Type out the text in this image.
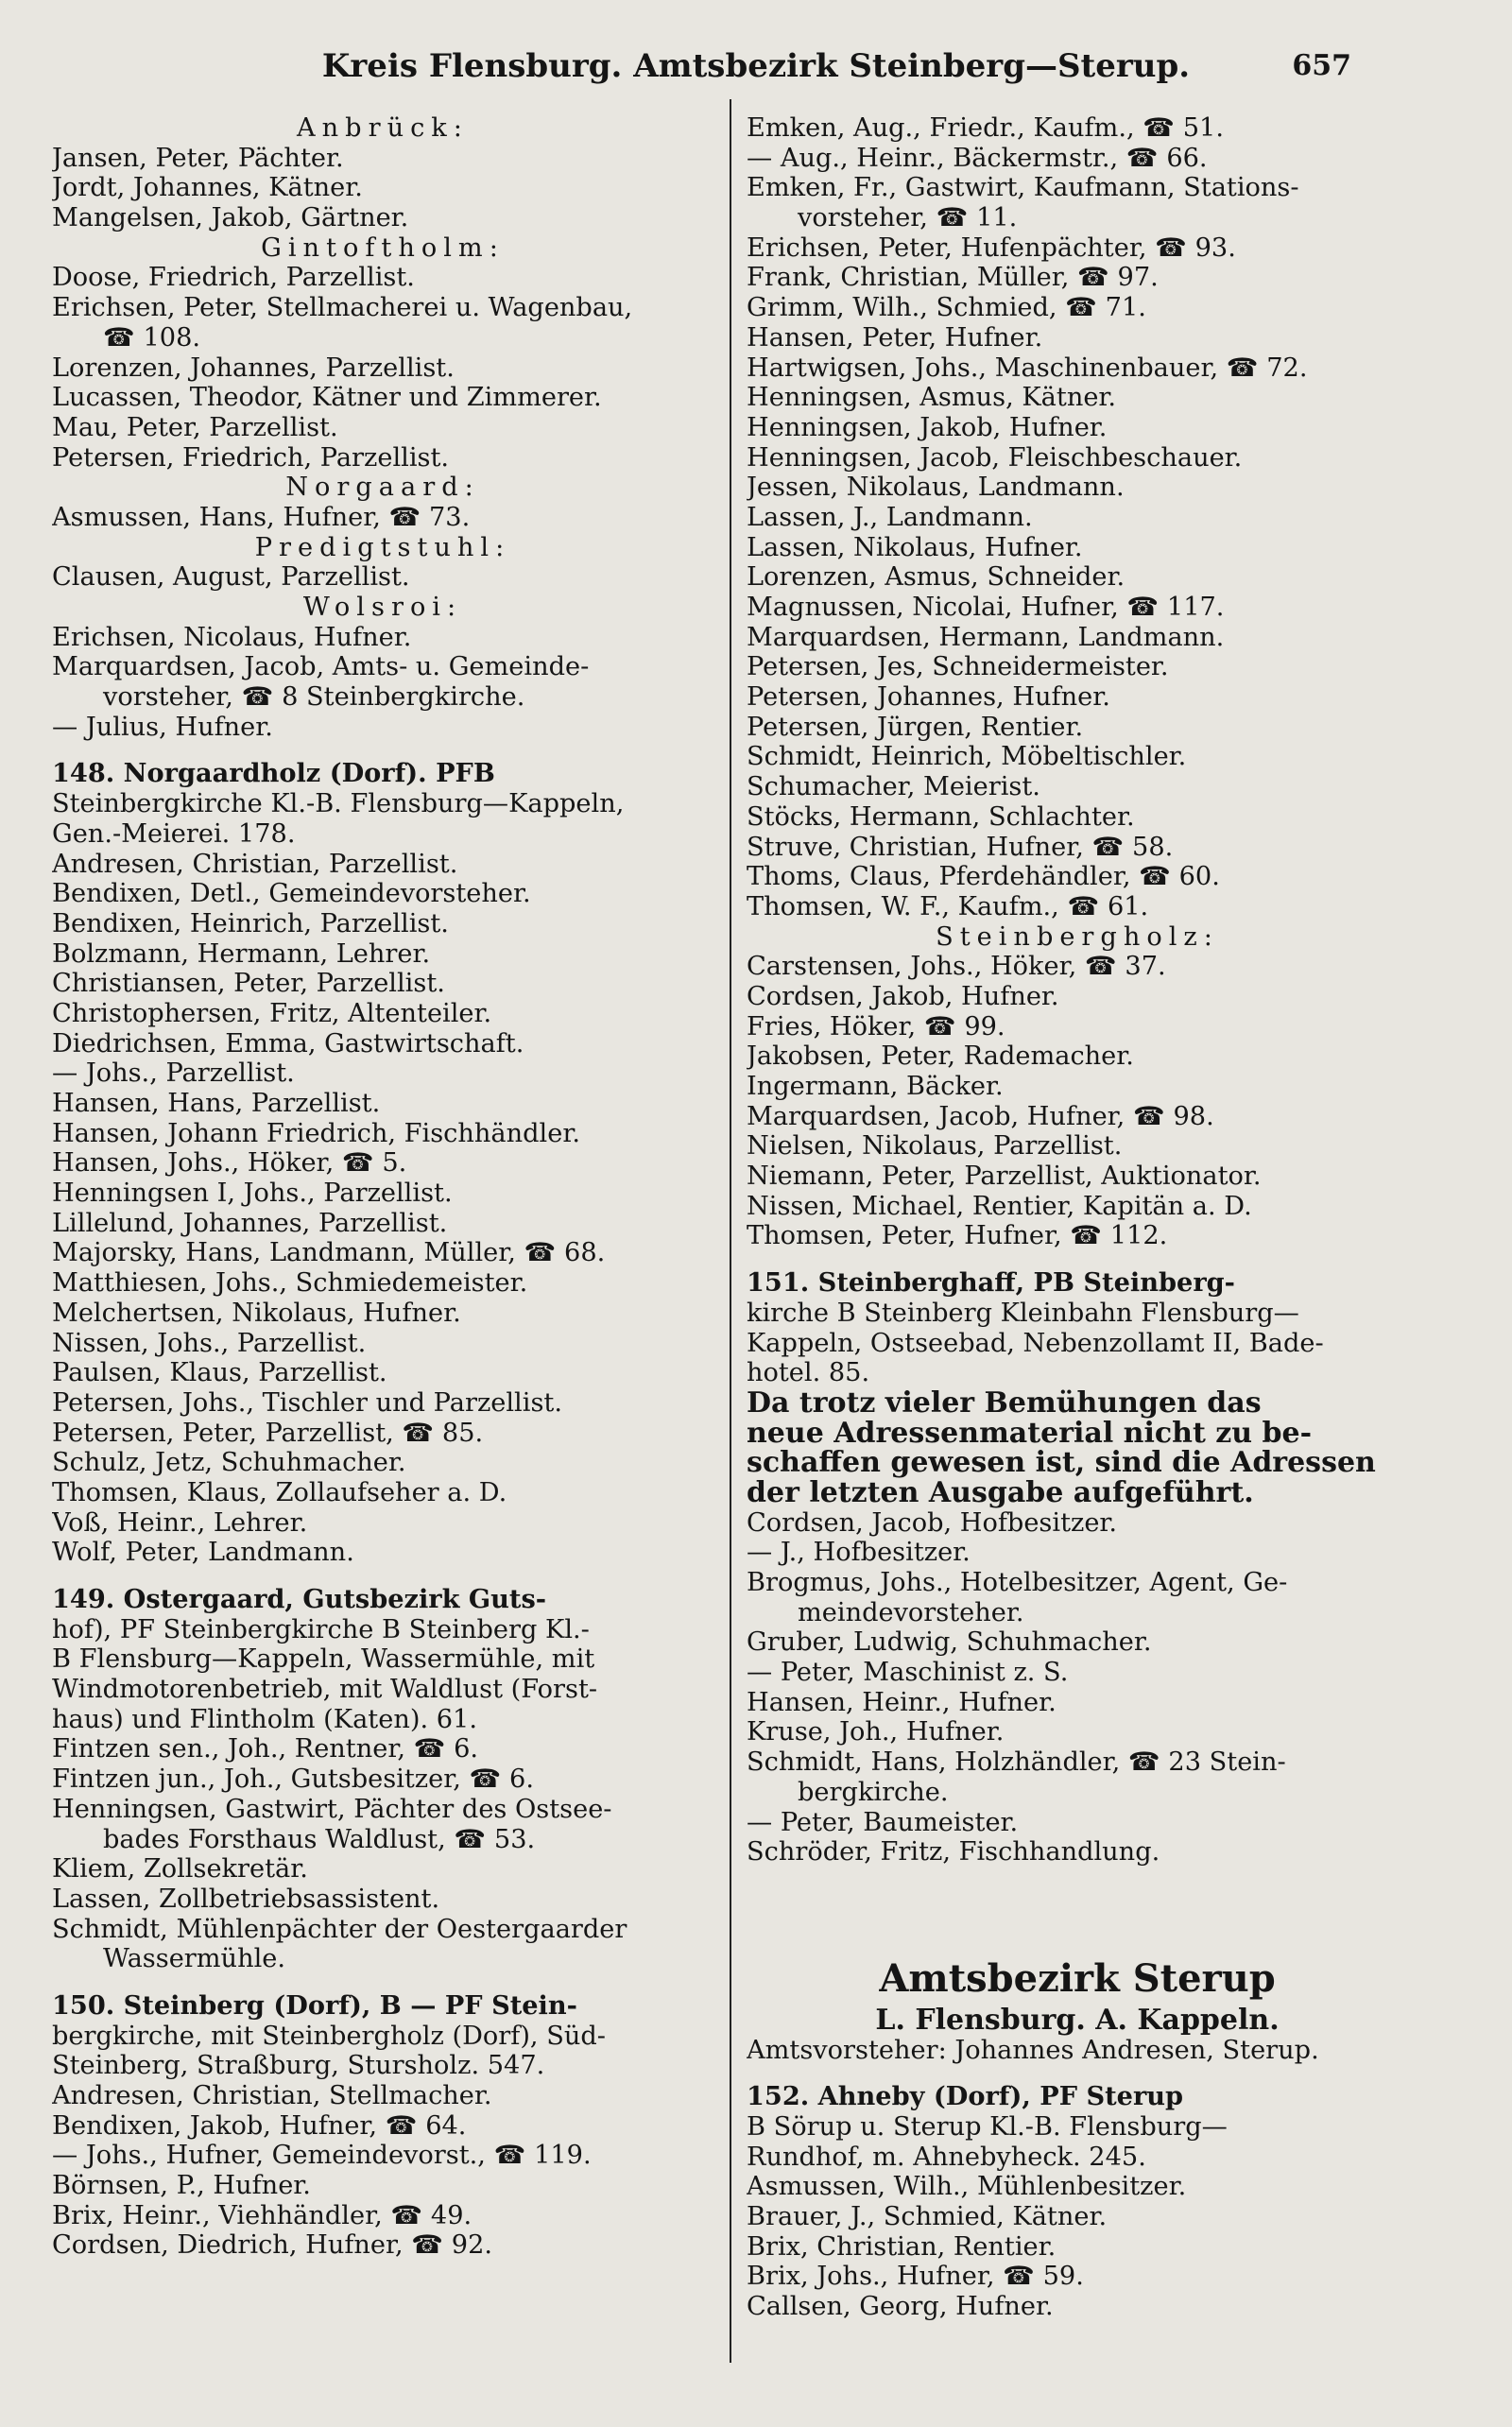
Kreis Flensburg. Amtsbezirk Steinberg—Sterup.	657
Anbrück:
Jansen, Peter, Pächter.
Jordt, Johannes, Kätner.
Mangelsen, Jakob, Gärtner.
Gintoftholm:
Doose, Friedrich, Parzellist.
Erichsen, Peter, Stellmacherei u. Wagenbau,
☎ 108.
Lorenzen, Johannes, Parzellist.
Lucassen, Theodor, Kätner und Zimmerer.
Mau, Peter, Parzellist.
Petersen, Friedrich, Parzellist.
Norgaard:
Asmussen, Hans, Hufner, ☎ 73.
Predigtstuhl:
Clausen, August, Parzellist.
Wolsroi:
Erichsen, Nicolaus, Hufner.
Marquardsen, Jacob, Amts- u. Gemeinde-
vorsteher, ☎ 8 Steinbergkirche.
— Julius, Hufner.
148. Norgaardholz (Dorf). PFB
Steinbergkirche Kl.-B. Flensburg—Kappeln,
Gen.-Meierei. 178.
Andresen, Christian, Parzellist.
Bendixen, Detl., Gemeindevorsteher.
Bendixen, Heinrich, Parzellist.
Bolzmann, Hermann, Lehrer.
Christiansen, Peter, Parzellist.
Christophersen, Fritz, Altenteiler.
Diedrichsen, Emma, Gastwirtschaft.
— Johs., Parzellist.
Hansen, Hans, Parzellist.
Hansen, Johann Friedrich, Fischhändler.
Hansen, Johs., Höker, ☎ 5.
Henningsen I, Johs., Parzellist.
Lillelund, Johannes, Parzellist.
Majorsky, Hans, Landmann, Müller, ☎ 68.
Matthiesen, Johs., Schmiedemeister.
Melchertsen, Nikolaus, Hufner.
Nissen, Johs., Parzellist.
Paulsen, Klaus, Parzellist.
Petersen, Johs., Tischler und Parzellist.
Petersen, Peter, Parzellist, ☎ 85.
Schulz, Jetz, Schuhmacher.
Thomsen, Klaus, Zollaufseher a. D.
Voß, Heinr., Lehrer.
Wolf, Peter, Landmann.
149. Ostergaard, Gutsbezirk Guts-
hof), PF Steinbergkirche B Steinberg Kl.-
B Flensburg—Kappeln, Wassermühle, mit
Windmotorenbetrieb, mit Waldlust (Forst-
haus) und Flintholm (Katen). 61.
Fintzen sen., Joh., Rentner, ☎ 6.
Fintzen jun., Joh., Gutsbesitzer, ☎ 6.
Henningsen, Gastwirt, Pächter des Ostsee-
bades Forsthaus Waldlust, ☎ 53.
Kliem, Zollsekretär.
Lassen, Zollbetriebsassistent.
Schmidt, Mühlenpächter der Oestergaarder
Wassermühle.
150. Steinberg (Dorf), B — PF Stein-
bergkirche, mit Steinbergholz (Dorf), Süd-
Steinberg, Straßburg, Stursholz. 547.
Andresen, Christian, Stellmacher.
Bendixen, Jakob, Hufner, ☎ 64.
— Johs., Hufner, Gemeindevorst., ☎ 119.
Börnsen, P., Hufner.
Brix, Heinr., Viehhändler, ☎ 49.
Cordsen, Diedrich, Hufner, ☎ 92.
Emken, Aug., Friedr., Kaufm., ☎ 51.
— Aug., Heinr., Bäckermstr., ☎ 66.
Emken, Fr., Gastwirt, Kaufmann, Stations-
vorsteher, ☎ 11.
Erichsen, Peter, Hufenpächter, ☎ 93.
Frank, Christian, Müller, ☎ 97.
Grimm, Wilh., Schmied, ☎ 71.
Hansen, Peter, Hufner.
Hartwigsen, Johs., Maschinenbauer, ☎ 72.
Henningsen, Asmus, Kätner.
Henningsen, Jakob, Hufner.
Henningsen, Jacob, Fleischbeschauer.
Jessen, Nikolaus, Landmann.
Lassen, J., Landmann.
Lassen, Nikolaus, Hufner.
Lorenzen, Asmus, Schneider.
Magnussen, Nicolai, Hufner, ☎ 117.
Marquardsen, Hermann, Landmann.
Petersen, Jes, Schneidermeister.
Petersen, Johannes, Hufner.
Petersen, Jürgen, Rentier.
Schmidt, Heinrich, Möbeltischler.
Schumacher, Meierist.
Stöcks, Hermann, Schlachter.
Struve, Christian, Hufner, ☎ 58.
Thoms, Claus, Pferdehändler, ☎ 60.
Thomsen, W. F., Kaufm., ☎ 61.
Steinbergholz:
Carstensen, Johs., Höker, ☎ 37.
Cordsen, Jakob, Hufner.
Fries, Höker, ☎ 99.
Jakobsen, Peter, Rademacher.
Ingermann, Bäcker.
Marquardsen, Jacob, Hufner, ☎ 98.
Nielsen, Nikolaus, Parzellist.
Niemann, Peter, Parzellist, Auktionator.
Nissen, Michael, Rentier, Kapitän a. D.
Thomsen, Peter, Hufner, ☎ 112.
151. Steinberghaff, PB Steinberg-
kirche B Steinberg Kleinbahn Flensburg—
Kappeln, Ostseebad, Nebenzollamt II, Bade-
hotel. 85.
Da trotz vieler Bemühungen das
neue Adressenmaterial nicht zu be-
schaffen gewesen ist, sind die Adressen
der letzten Ausgabe aufgeführt.
Cordsen, Jacob, Hofbesitzer.
— J., Hofbesitzer.
Brogmus, Johs., Hotelbesitzer, Agent, Ge-
meindevorsteher.
Gruber, Ludwig, Schuhmacher.
— Peter, Maschinist z. S.
Hansen, Heinr., Hufner.
Kruse, Joh., Hufner.
Schmidt, Hans, Holzhändler, ☎ 23 Stein-
bergkirche.
— Peter, Baumeister.
Schröder, Fritz, Fischhandlung.
Amtsbezirk Sterup
L. Flensburg. A. Kappeln.
Amtsvorsteher: Johannes Andresen, Sterup.
152. Ahneby (Dorf), PF Sterup
B Sörup u. Sterup Kl.-B. Flensburg—
Rundhof, m. Ahnebyheck. 245.
Asmussen, Wilh., Mühlenbesitzer.
Brauer, J., Schmied, Kätner.
Brix, Christian, Rentier.
Brix, Johs., Hufner, ☎ 59.
Callsen, Georg, Hufner.
